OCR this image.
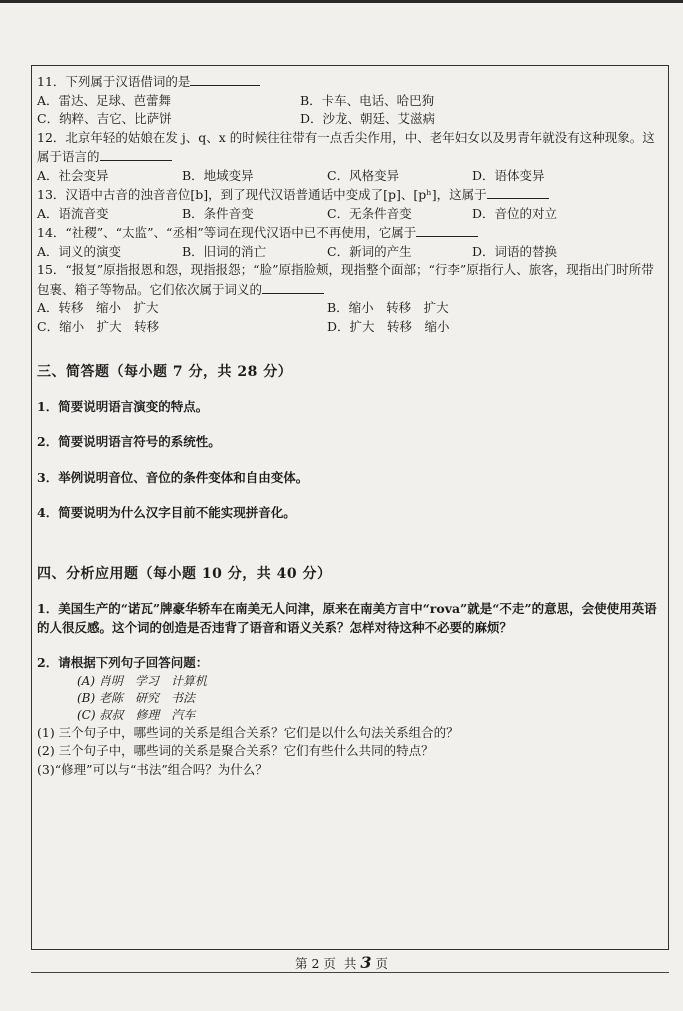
11．下列属于汉语借词的是

A．雷达、足球、芭蕾舞	B．卡车、电话、哈巴狗
C．纳粹、吉它、比萨饼	D．沙龙、朝廷、艾滋病

12．北京年轻的姑娘在发 j、q、x 的时候往往带有一点舌尖作用，中、老年妇女以及男青年就没有这种现象。这属于语言的

A．社会变异	B．地域变异	C．风格变异	D．语体变异

13．汉语中古音的浊音音位[b]，到了现代汉语普通话中变成了[p]、[pʰ]，这属于

A．语流音变	B．条件音变	C．无条件音变	D．音位的对立

14．“社稷”、“太监”、“丞相”等词在现代汉语中已不再使用，它属于

A．词义的演变	B．旧词的消亡	C．新词的产生	D．词语的替换

15．“报复”原指报恩和怨，现指报怨；“脸”原指脸颊，现指整个面部；“行李”原指行人、旅客，现指出门时所带包裹、箱子等物品。它们依次属于词义的

A．转移　缩小　扩大	B．缩小　转移　扩大
C．缩小　扩大　转移	D．扩大　转移　缩小

三、简答题（每小题 7 分，共 28 分）

1．简要说明语言演变的特点。

2．简要说明语言符号的系统性。

3．举例说明音位、音位的条件变体和自由变体。

4．简要说明为什么汉字目前不能实现拼音化。

四、分析应用题（每小题 10 分，共 40 分）

1．美国生产的“诺瓦”牌豪华轿车在南美无人问津，原来在南美方言中“rova”就是“不走”的意思，会使使用英语的人很反感。这个词的创造是否违背了语音和语义关系？怎样对待这种不必要的麻烦？

2．请根据下列句子回答问题：

(A) 肖明　学习　计算机

(B) 老陈　研究　书法

(C) 叔叔　修理　汽车

(1) 三个句子中，哪些词的关系是组合关系？它们是以什么句法关系组合的？

(2) 三个句子中，哪些词的关系是聚合关系？它们有些什么共同的特点？

(3)“修理”可以与“书法”组合吗？为什么？

第 2 页 共 3 页
